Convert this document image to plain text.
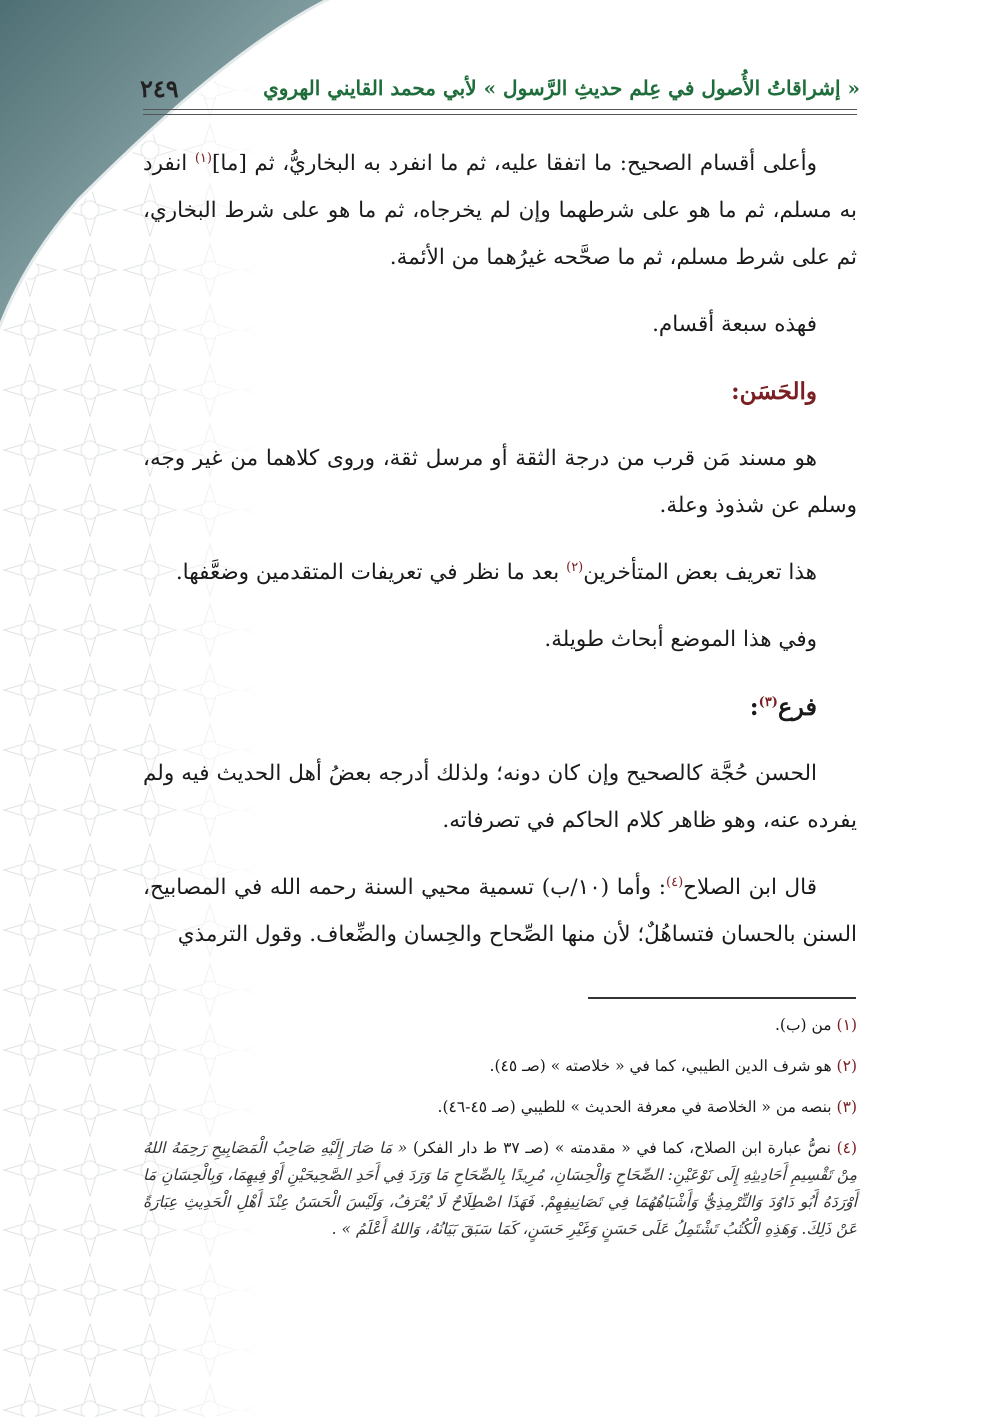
٢٤٩	« إشراقاتُ الأُصول في عِلم حديثِ الرَّسول » لأبي محمد القايني الهروي

وأعلى أقسام الصحيح: ما اتفقا عليه، ثم ما انفرد به البخاريُّ، ثم [ما]$^{(١)}$ انفرد به مسلم، ثم ما هو على شرطهما وإن لم يخرجاه، ثم ما هو على شرط البخاري، ثم على شرط مسلم، ثم ما صحَّحه غيرُهما من الأئمة.

فهذه سبعة أقسام.

والحَسَن:

هو مسند مَن قرب من درجة الثقة أو مرسل ثقة، وروى كلاهما من غير وجه، وسلم عن شذوذ وعلة.

هذا تعريف بعض المتأخرين$^{(٢)}$ بعد ما نظر في تعريفات المتقدمين وضعَّفها.

وفي هذا الموضع أبحاث طويلة.

فرع$^{(٣)}$:

الحسن حُجَّة كالصحيح وإن كان دونه؛ ولذلك أدرجه بعضُ أهل الحديث فيه ولم يفرده عنه، وهو ظاهر كلام الحاكم في تصرفاته.

قال ابن الصلاح$^{(٤)}$: وأما (١٠/ب) تسمية محيي السنة رحمه الله في المصابيح، السنن بالحسان فتساهُلٌ؛ لأن منها الصِّحاح والحِسان والضِّعاف. وقول الترمذي

(١) من (ب).

(٢) هو شرف الدين الطيبي، كما في « خلاصته » (صـ ٤٥).

(٣) بنصه من « الخلاصة في معرفة الحديث » للطيبي (صـ ٤٥-٤٦).

(٤) نصُّ عبارة ابن الصلاح، كما في « مقدمته » (صـ ٣٧ ط دار الفكر) « مَا صَارَ إِلَيْهِ صَاحِبُ الْمَصَابِيحِ رَحِمَهُ اللهُ مِنْ تَقْسِيمِ أَحَادِيثِهِ إِلَى نَوْعَيْنِ: الصِّحَاحِ وَالْحِسَانِ، مُرِيدًا بِالصِّحَاحِ مَا وَرَدَ فِي أَحَدِ الصَّحِيحَيْنِ أَوْ فِيهِمَا، وَبِالْحِسَانِ مَا أَوْرَدَهُ أَبُو دَاوُدَ وَالتِّرْمِذِيُّ وَأَشْبَاهُهُمَا فِي تَصَانِيفِهِمْ. فَهَذَا اصْطِلَاحٌ لَا يُعْرَفُ، وَلَيْسَ الْحَسَنُ عِنْدَ أَهْلِ الْحَدِيثِ عِبَارَةً عَنْ ذَلِكَ. وَهَذِهِ الْكُتُبُ تَشْتَمِلُ عَلَى حَسَنٍ وَغَيْرِ حَسَنٍ، كَمَا سَبَقَ بَيَانُهُ، وَاللهُ أَعْلَمُ » .
